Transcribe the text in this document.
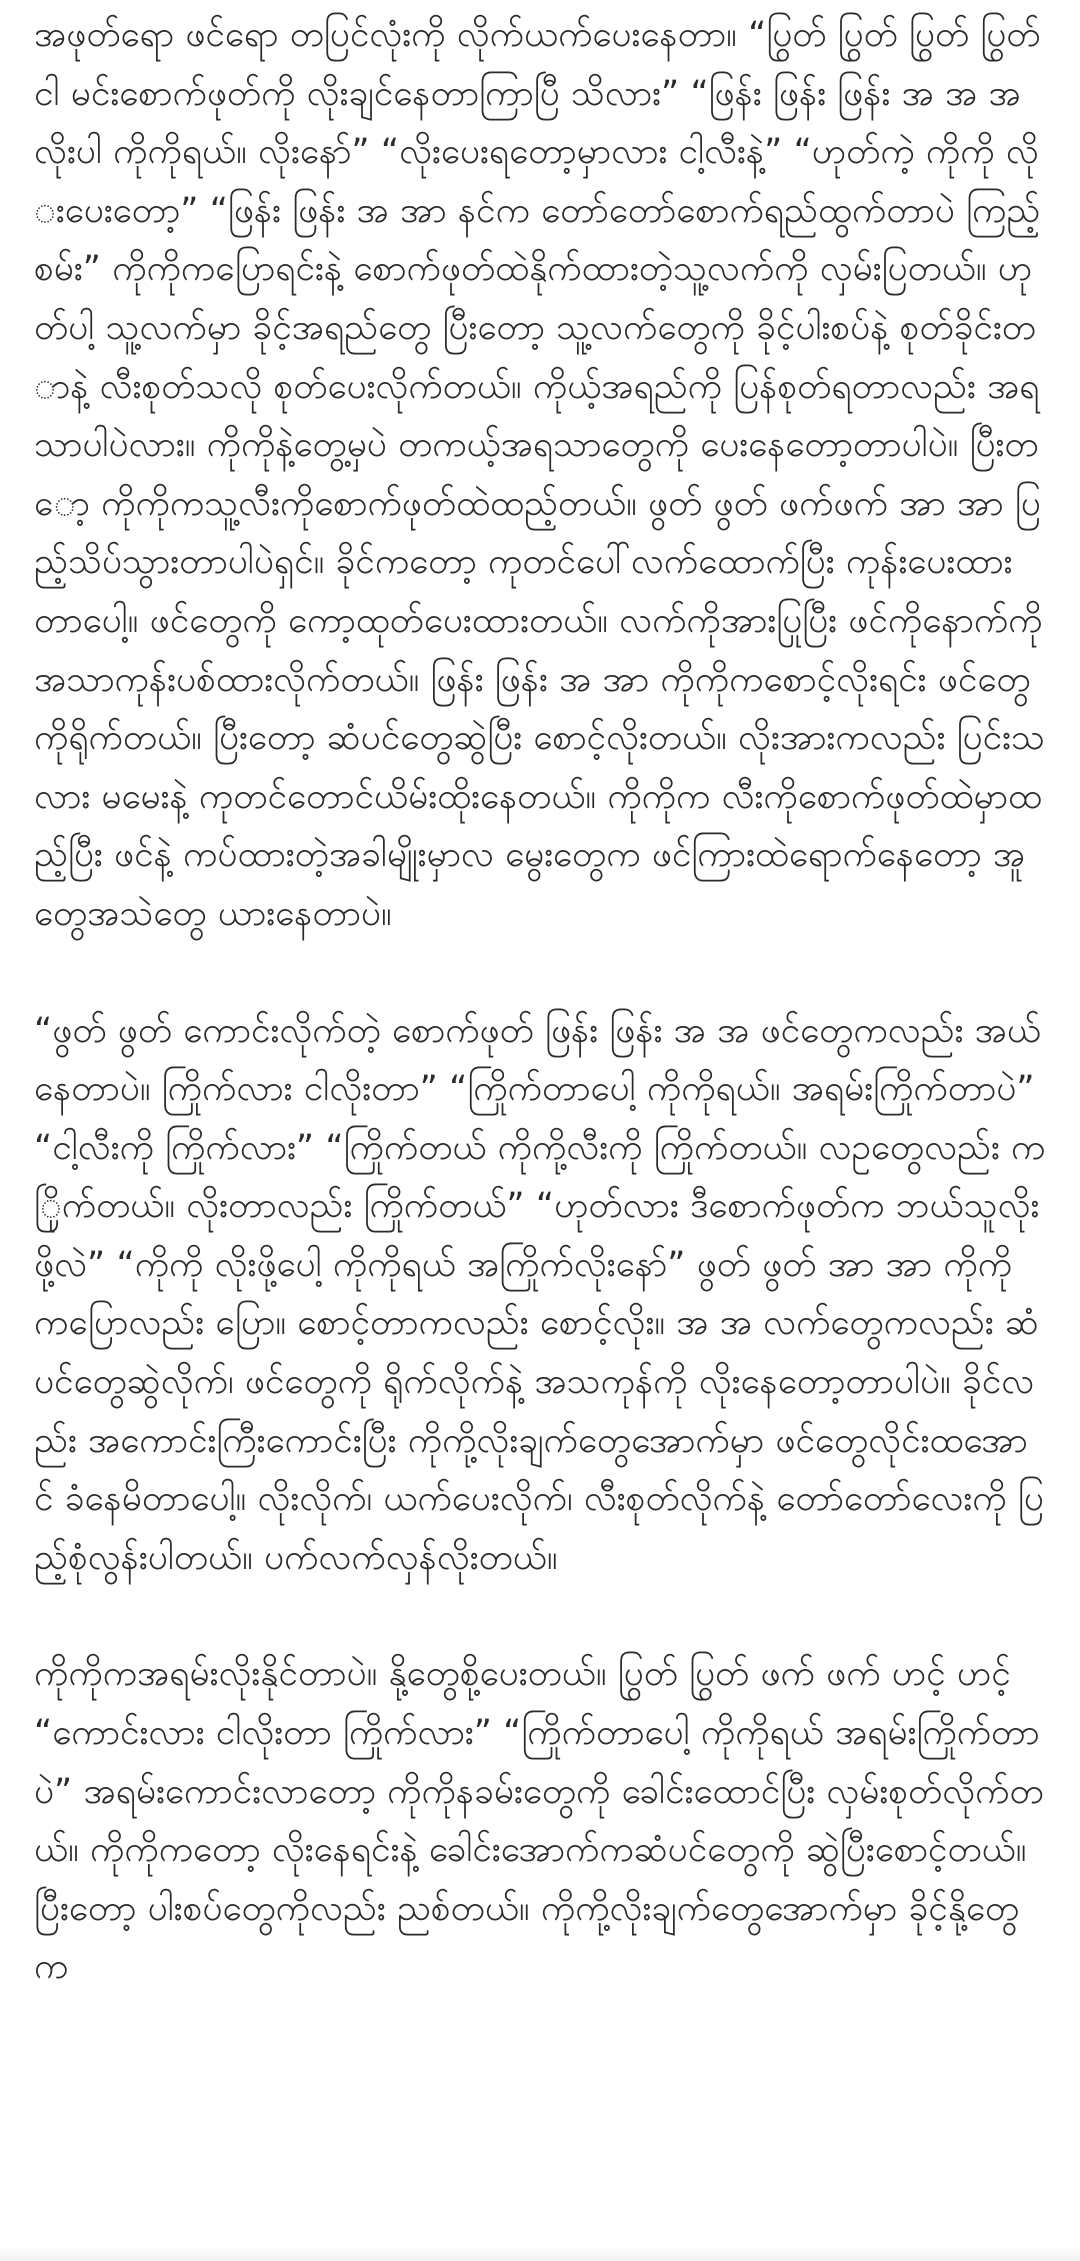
အဖုတ်ရော ဖင်ရော တပြင်လုံးကို လိုက်ယက်ပေးနေတာ။ “ပြွတ် ပြွတ် ပြွတ် ပြွတ် ငါ မင်းစောက်ဖုတ်ကို လိုးချင်နေတာကြာပြီ သိလား” “ဖြန်း ဖြန်း ဖြန်း အ အ အ လိုးပါ ကိုကိုရယ်။ လိုးနော်” “လိုးပေးရတော့မှာလား ငါ့လီးနဲ့” “ဟုတ်ကဲ့ ကိုကို လိုးပေးတော့” “ဖြန်း ဖြန်း အ အာ နင်က တော်တော်စောက်ရည်ထွက်တာပဲ ကြည့်စမ်း” ကိုကိုကပြောရင်းနဲ့ စောက်ဖုတ်ထဲနိုက်ထားတဲ့သူ့လက်ကို လှမ်းပြတယ်။ ဟုတ်ပါ့ သူ့လက်မှာ ခိုင့်အရည်တွေ ပြီးတော့ သူ့လက်တွေကို ခိုင့်ပါးစပ်နဲ့ စုတ်ခိုင်းတာနဲ့ လီးစုတ်သလို စုတ်ပေးလိုက်တယ်။ ကိုယ့်အရည်ကို ပြန်စုတ်ရတာလည်း အရသာပါပဲလား။ ကိုကိုနဲ့တွေ့မှပဲ တကယ့်အရသာတွေကို ပေးနေတော့တာပါပဲ။ ပြီးတော့ ကိုကိုကသူ့လီးကိုစောက်ဖုတ်ထဲထည့်တယ်။ ဖွတ် ဖွတ် ဖက်ဖက် အာ အာ ပြည့်သိပ်သွားတာပါပဲရှင်။ ခိုင်ကတော့ ကုတင်ပေါ်လက်ထောက်ပြီး ကုန်းပေးထားတာပေါ့။ ဖင်တွေကို ကော့ထုတ်ပေးထားတယ်။ လက်ကိုအားပြုပြီး ဖင်ကိုနောက်ကို အသာကုန်းပစ်ထားလိုက်တယ်။ ဖြန်း ဖြန်း အ အာ ကိုကိုကစောင့်လိုးရင်း ဖင်တွေကိုရိုက်တယ်။ ပြီးတော့ ဆံပင်တွေဆွဲပြီး စောင့်လိုးတယ်။ လိုးအားကလည်း ပြင်းသလား မမေးနဲ့ ကုတင်တောင်ယိမ်းထိုးနေတယ်။ ကိုကိုက လီးကိုစောက်ဖုတ်ထဲမှာထည့်ပြီး ဖင်နဲ့ ကပ်ထားတဲ့အခါမျိုးမှာလ မွေးတွေက ဖင်ကြားထဲရောက်နေတော့ အူတွေအသဲတွေ ယားနေတာပဲ။

“ဖွတ် ဖွတ် ကောင်းလိုက်တဲ့ စောက်ဖုတ် ဖြန်း ဖြန်း အ အ ဖင်တွေကလည်း အယ်နေတာပဲ။ ကြိုက်လား ငါလိုးတာ” “ကြိုက်တာပေါ့ ကိုကိုရယ်။ အရမ်းကြိုက်တာပဲ” “ငါ့လီးကို ကြိုက်လား” “ကြိုက်တယ် ကိုကို့လီးကို ကြိုက်တယ်။ လဥတွေလည်း ကြိုက်တယ်။ လိုးတာလည်း ကြိုက်တယ်” “ဟုတ်လား ဒီစောက်ဖုတ်က ဘယ်သူလိုးဖို့လဲ” “ကိုကို လိုးဖို့ပေါ့ ကိုကိုရယ် အကြိုက်လိုးနော်” ဖွတ် ဖွတ် အာ အာ ကိုကိုကပြောလည်း ပြော။ စောင့်တာကလည်း စောင့်လိုး။ အ အ လက်တွေကလည်း ဆံပင်တွေဆွဲလိုက်၊ ဖင်တွေကို ရိုက်လိုက်နဲ့ အသကုန်ကို လိုးနေတော့တာပါပဲ။ ခိုင်လည်း အကောင်းကြီးကောင်းပြီး ကိုကို့လိုးချက်တွေအောက်မှာ ဖင်တွေလိုင်းထအောင် ခံနေမိတာပေါ့။ လိုးလိုက်၊ ယက်ပေးလိုက်၊ လီးစုတ်လိုက်နဲ့ တော်တော်လေးကို ပြည့်စုံလွန်းပါတယ်။ ပက်လက်လှန်လိုးတယ်။

ကိုကိုကအရမ်းလိုးနိုင်တာပဲ။ နို့တွေစို့ပေးတယ်။ ပြွတ် ပြွတ် ဖက် ဖက် ဟင့် ဟင့် “ကောင်းလား ငါလိုးတာ ကြိုက်လား” “ကြိုက်တာပေါ့ ကိုကိုရယ် အရမ်းကြိုက်တာပဲ” အရမ်းကောင်းလာတော့ ကိုကိုနခမ်းတွေကို ခေါင်းထောင်ပြီး လှမ်းစုတ်လိုက်တယ်။ ကိုကိုကတော့ လိုးနေရင်းနဲ့ ခေါင်းအောက်ကဆံပင်တွေကို ဆွဲပြီးစောင့်တယ်။ ပြီးတော့ ပါးစပ်တွေကိုလည်း ညစ်တယ်။ ကိုကို့လိုးချက်တွေအောက်မှာ ခိုင့်နို့တွေက
